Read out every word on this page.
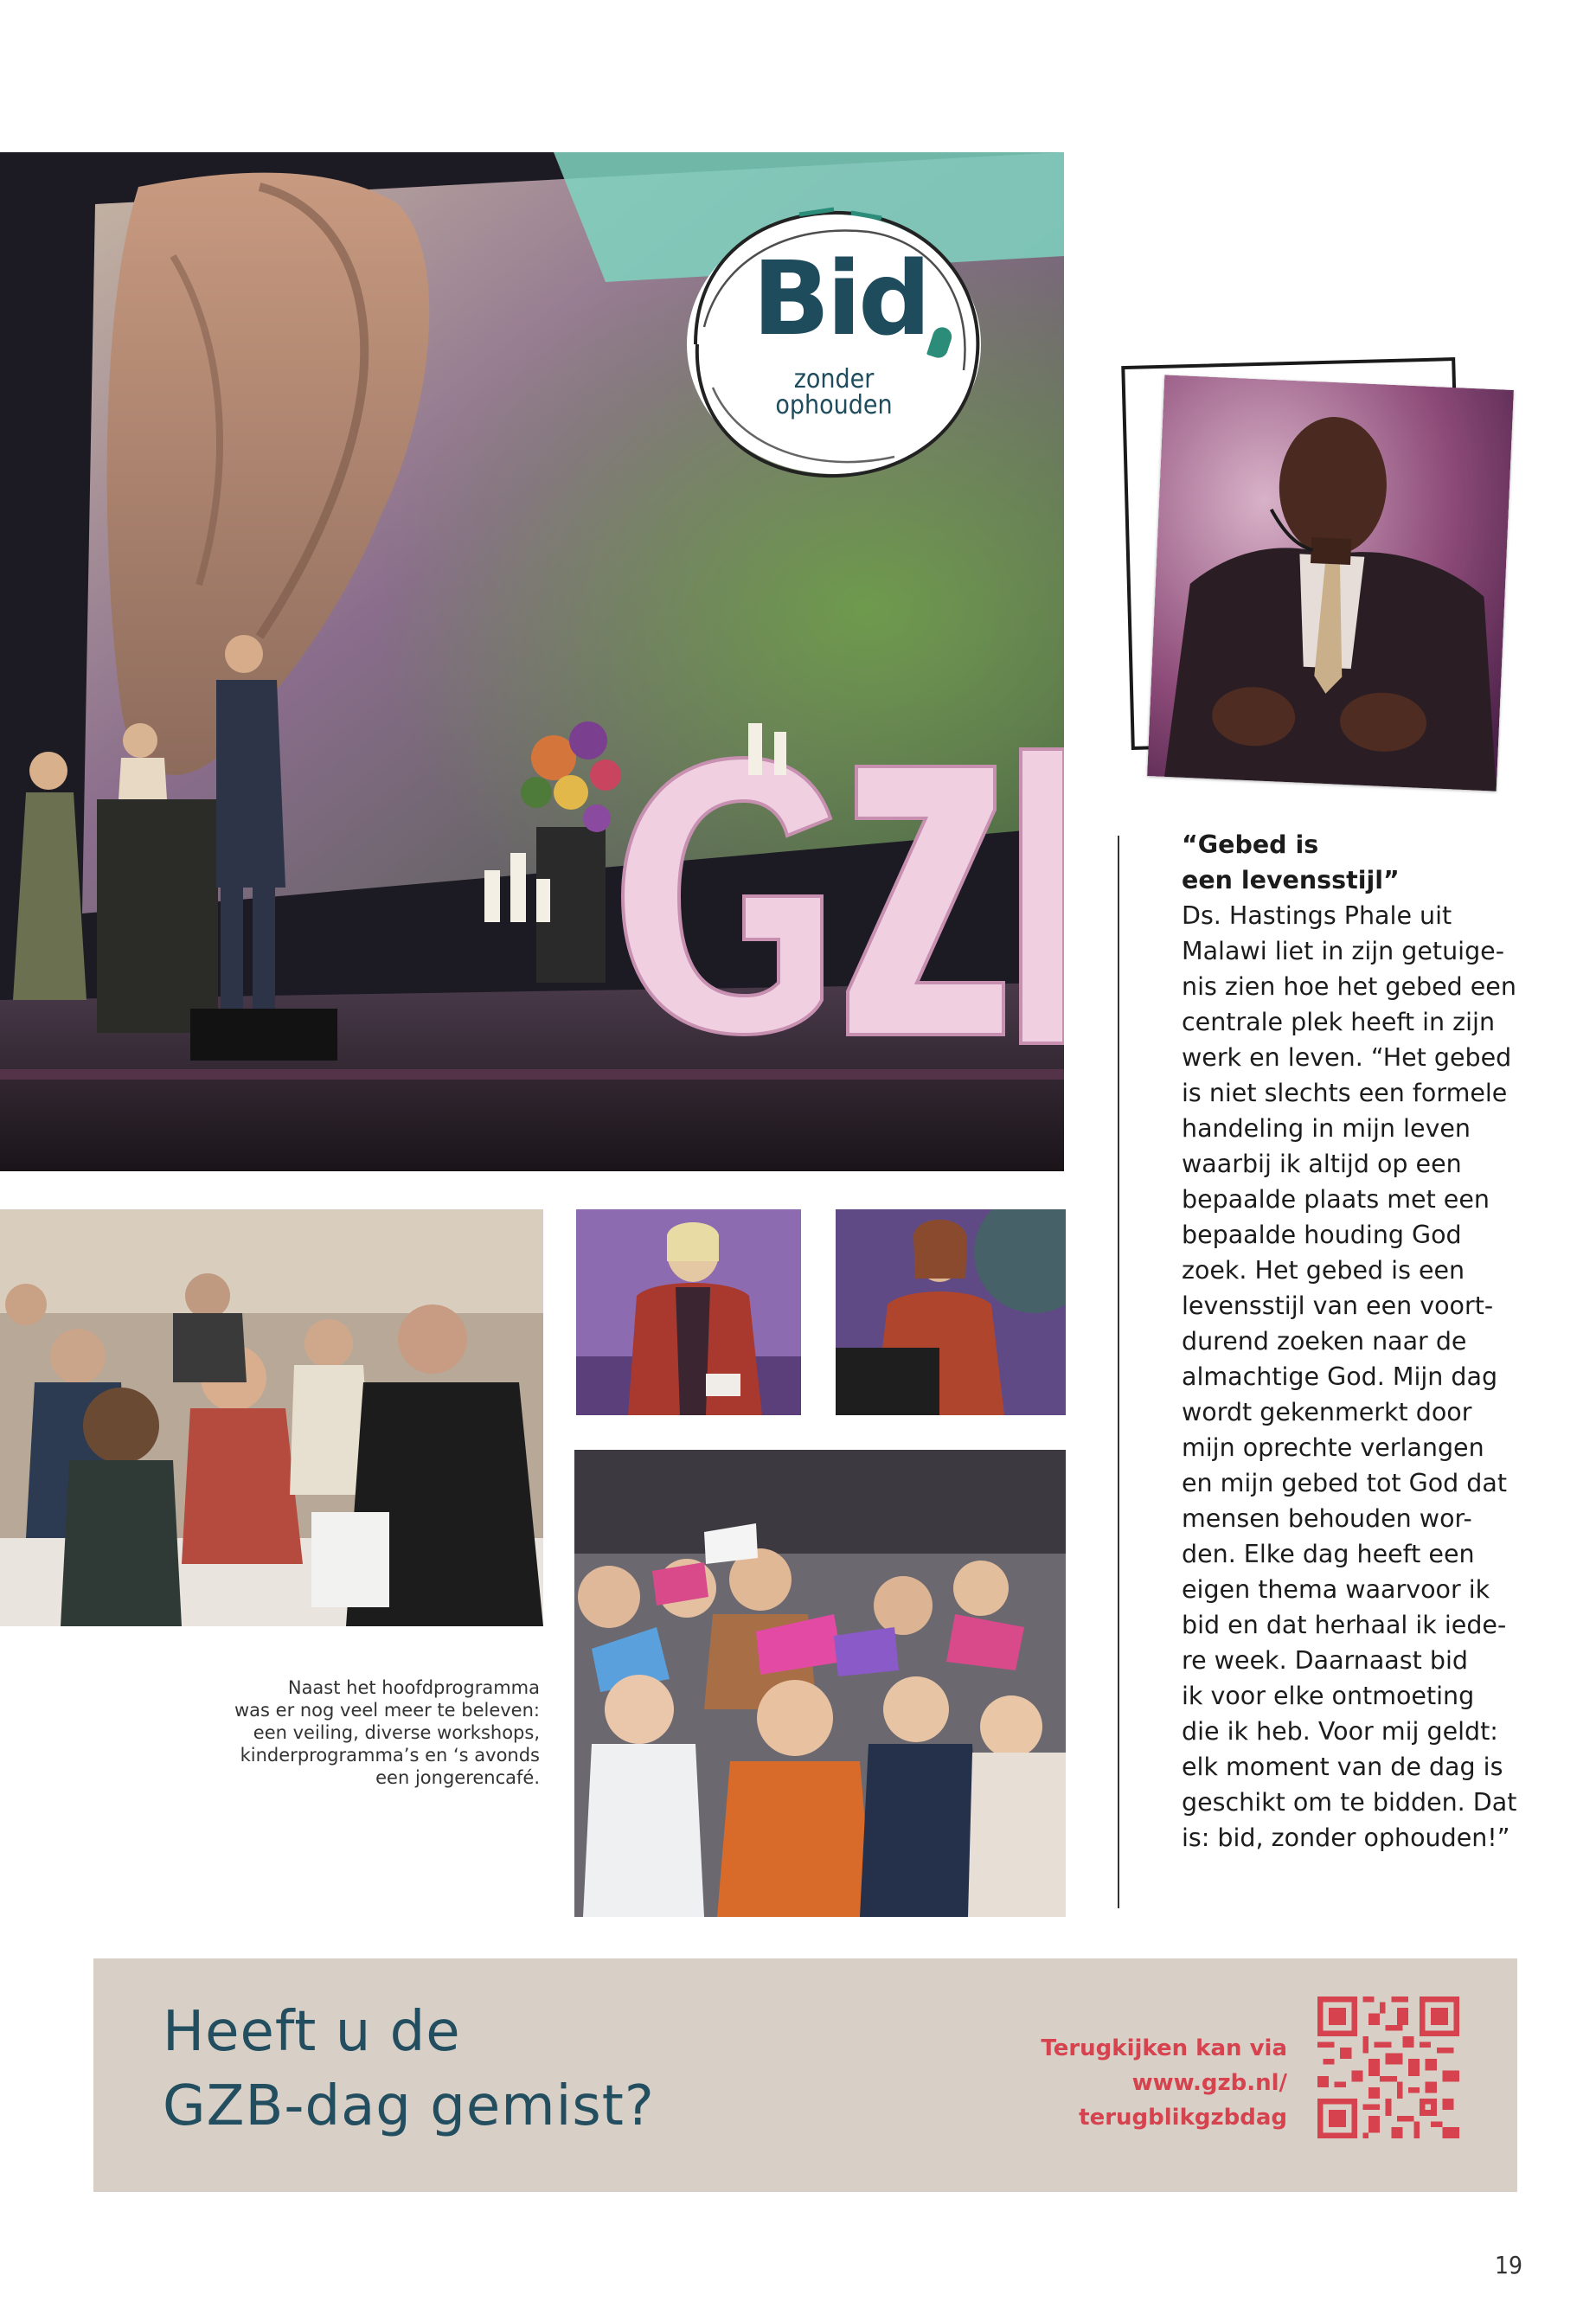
Bid
zonder ophouden
“Gebed is
een levensstijl”
Ds. Hastings Phale uit
Malawi liet in zijn getuige-
nis zien hoe het gebed een
centrale plek heeft in zijn
werk en leven. “Het gebed
is niet slechts een formele
handeling in mijn leven
waarbij ik altijd op een
bepaalde plaats met een
bepaalde houding God
zoek. Het gebed is een
levensstijl van een voort-
durend zoeken naar de
almachtige God. Mijn dag
wordt gekenmerkt door
mijn oprechte verlangen
en mijn gebed tot God dat
mensen behouden wor-
den. Elke dag heeft een
eigen thema waarvoor ik
bid en dat herhaal ik iede-
re week. Daarnaast bid
ik voor elke ontmoeting
die ik heb. Voor mij geldt:
elk moment van de dag is
geschikt om te bidden. Dat
is: bid, zonder ophouden!”
Naast het hoofdprogramma
was er nog veel meer te beleven:
een veiling, diverse workshops,
kinderprogramma’s en ‘s avonds
een jongerencafé.
Heeft u de
GZB-dag gemist?
Terugkijken kan via
www.gzb.nl/
terugblikgzbdag
19
